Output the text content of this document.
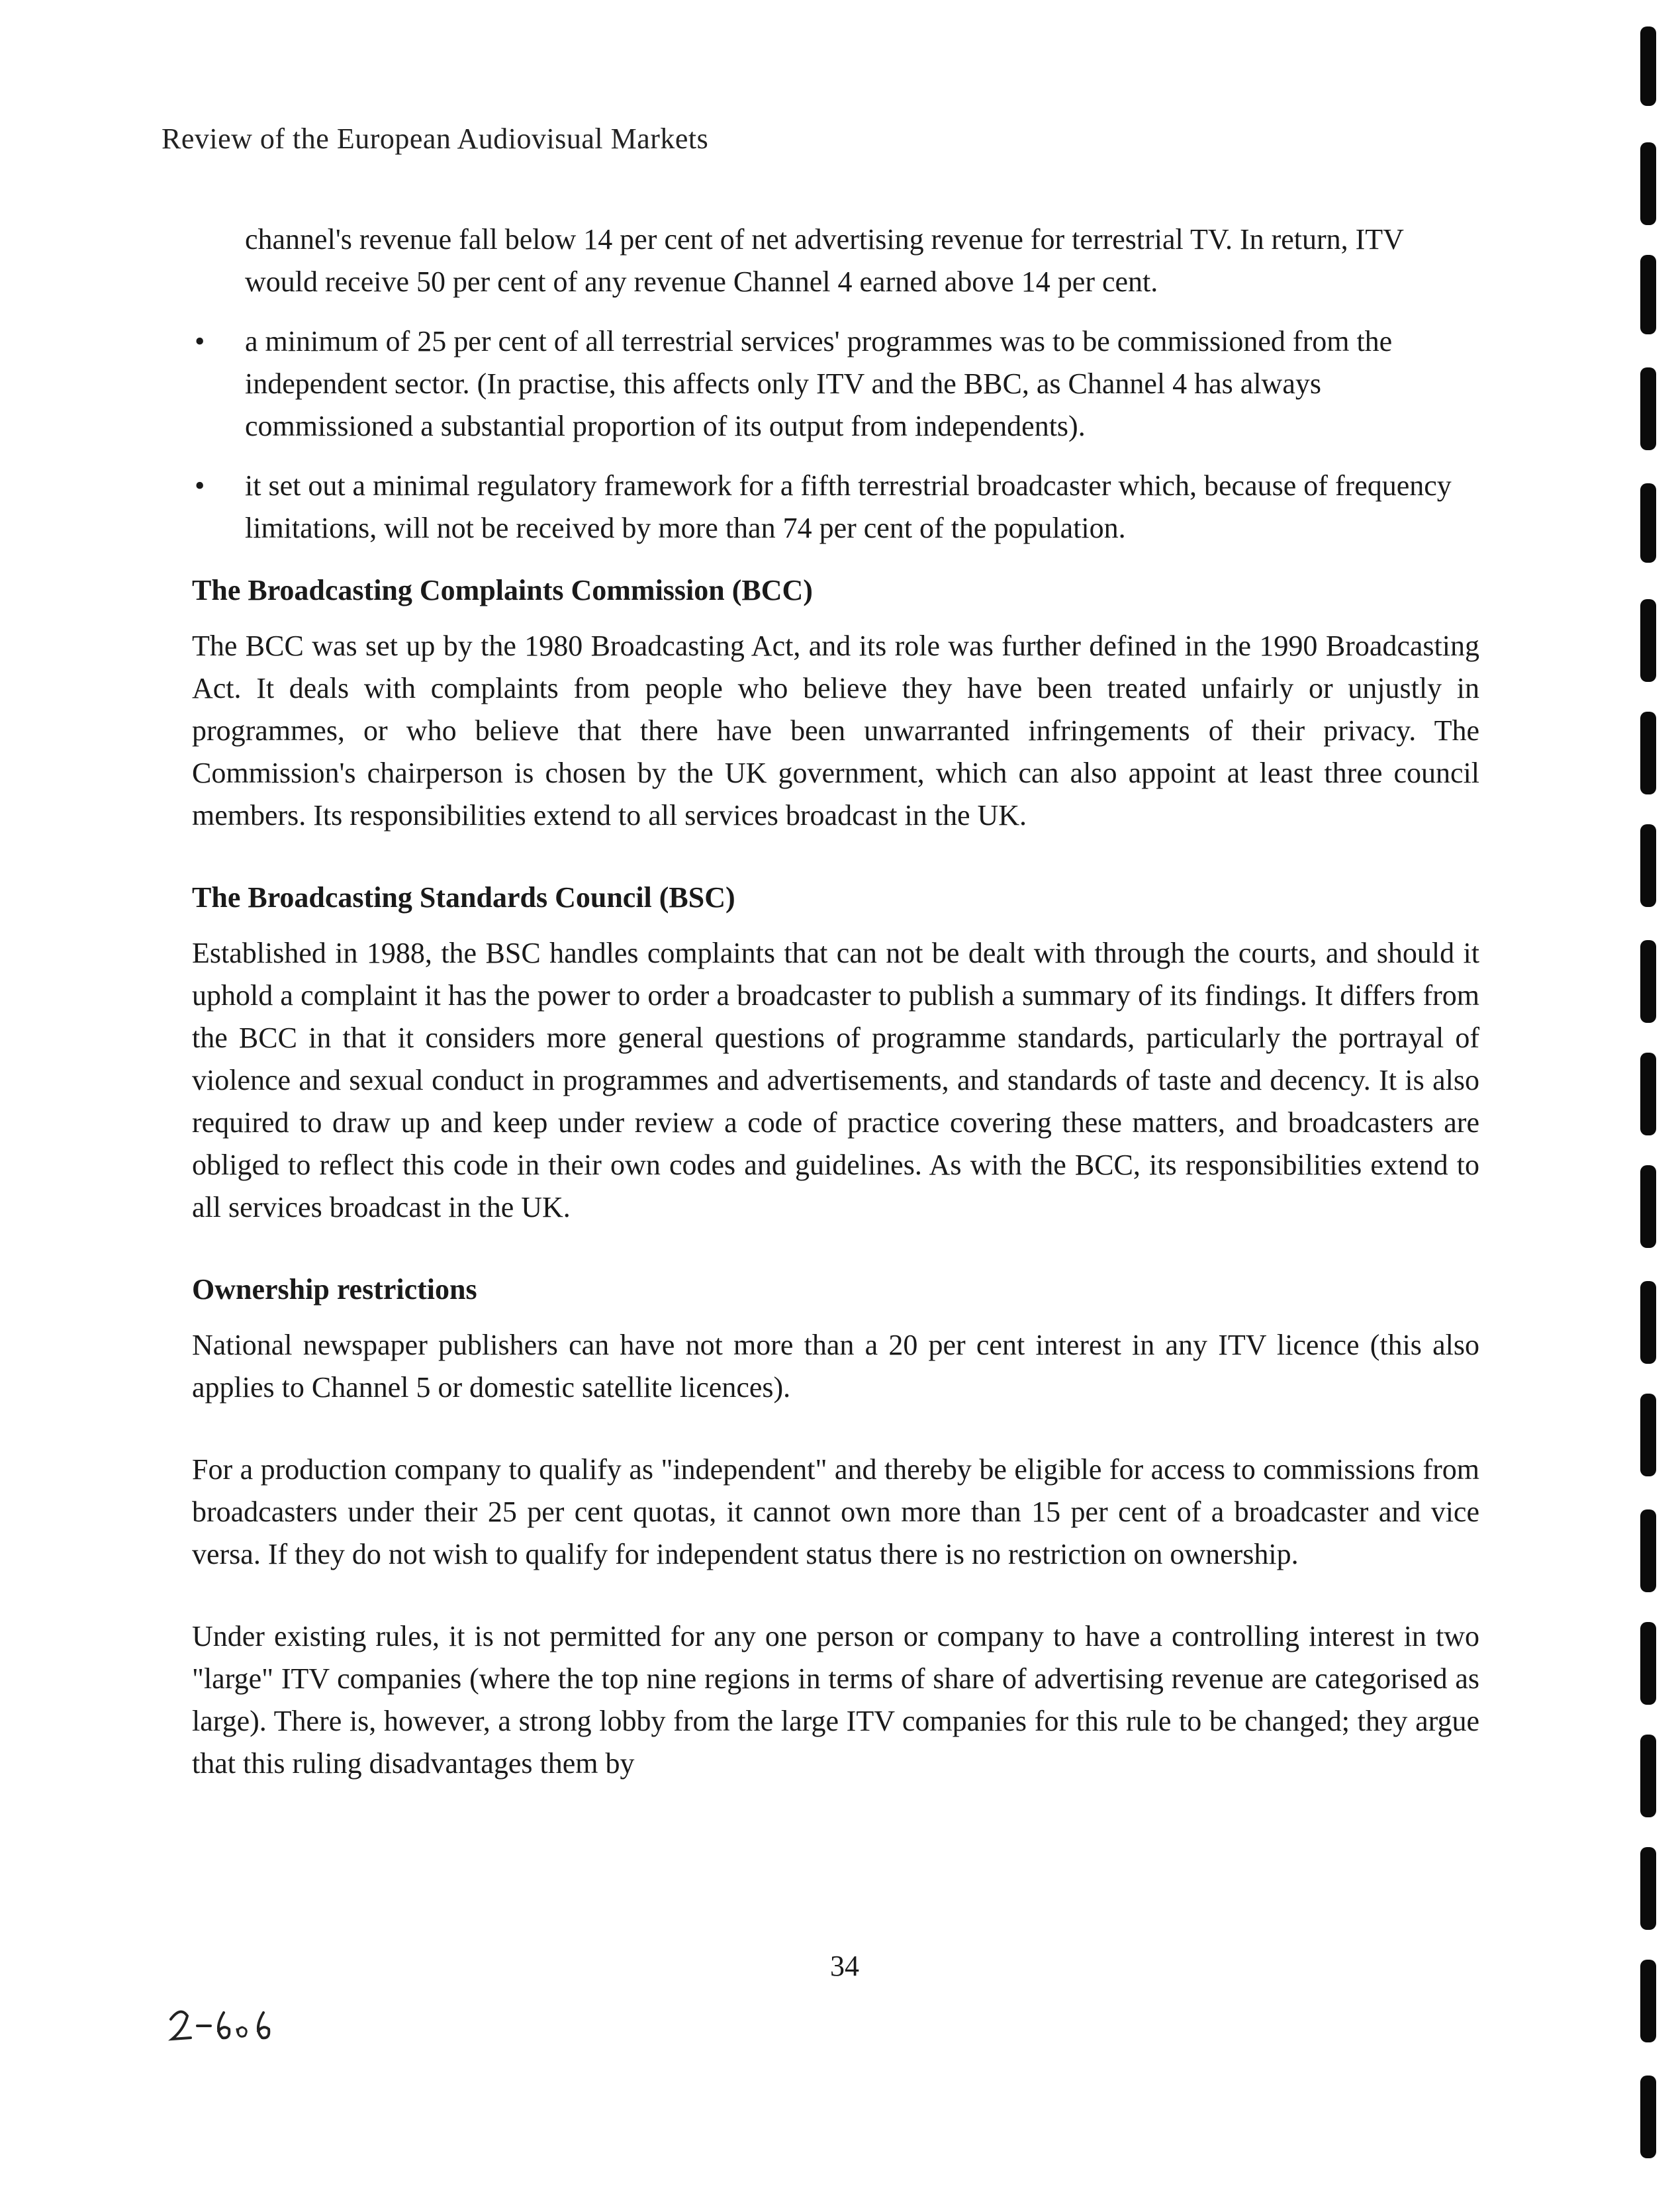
Review of the European Audiovisual Markets

channel's revenue fall below 14 per cent of net advertising revenue for terrestrial TV. In return, ITV would receive 50 per cent of any revenue Channel 4 earned above 14 per cent.

• a minimum of 25 per cent of all terrestrial services' programmes was to be commissioned from the independent sector. (In practise, this affects only ITV and the BBC, as Channel 4 has always commissioned a substantial proportion of its output from independents).
• it set out a minimal regulatory framework for a fifth terrestrial broadcaster which, because of frequency limitations, will not be received by more than 74 per cent of the population.
The Broadcasting Complaints Commission (BCC)

The BCC was set up by the 1980 Broadcasting Act, and its role was further defined in the 1990 Broadcasting Act. It deals with complaints from people who believe they have been treated unfairly or unjustly in programmes, or who believe that there have been unwarranted infringements of their privacy. The Commission's chairperson is chosen by the UK government, which can also appoint at least three council members. Its responsibilities extend to all services broadcast in the UK.

The Broadcasting Standards Council (BSC)

Established in 1988, the BSC handles complaints that can not be dealt with through the courts, and should it uphold a complaint it has the power to order a broadcaster to publish a summary of its findings. It differs from the BCC in that it considers more general questions of programme standards, particularly the portrayal of violence and sexual conduct in programmes and advertisements, and standards of taste and decency. It is also required to draw up and keep under review a code of practice covering these matters, and broadcasters are obliged to reflect this code in their own codes and guidelines. As with the BCC, its responsibilities extend to all services broadcast in the UK.

Ownership restrictions

National newspaper publishers can have not more than a 20 per cent interest in any ITV licence (this also applies to Channel 5 or domestic satellite licences).

For a production company to qualify as "independent" and thereby be eligible for access to commissions from broadcasters under their 25 per cent quotas, it cannot own more than 15 per cent of a broadcaster and vice versa. If they do not wish to qualify for independent status there is no restriction on ownership.

Under existing rules, it is not permitted for any one person or company to have a controlling interest in two "large" ITV companies (where the top nine regions in terms of share of advertising revenue are categorised as large). There is, however, a strong lobby from the large ITV companies for this rule to be changed; they argue that this ruling disadvantages them by

34
